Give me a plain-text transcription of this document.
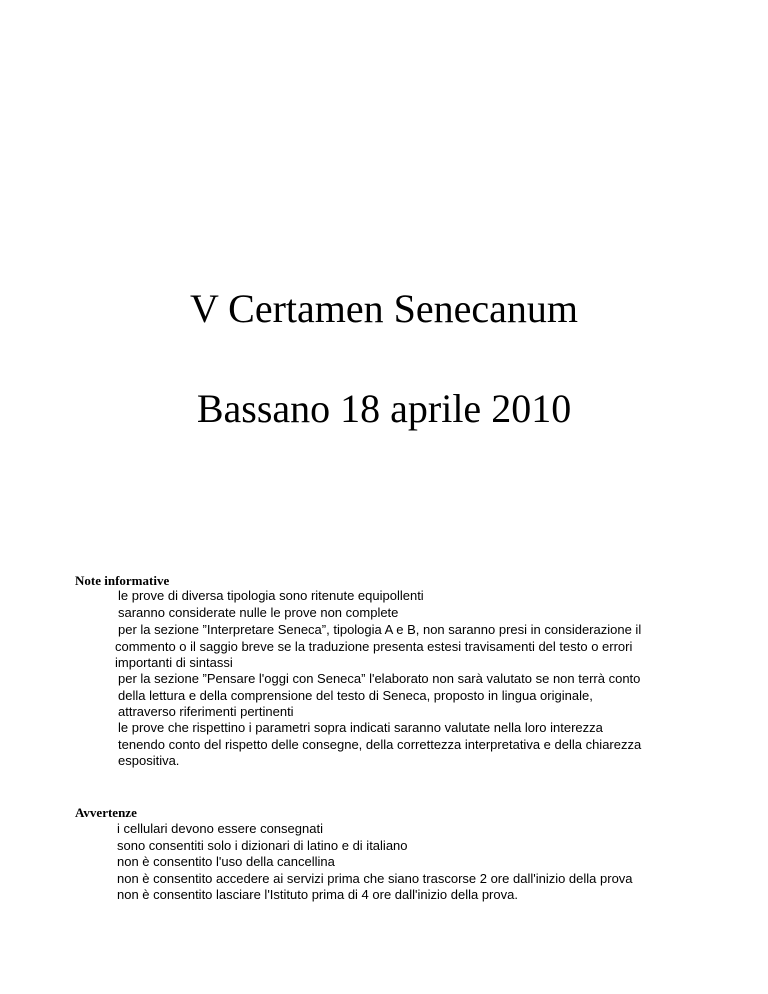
V Certamen Senecanum
Bassano 18 aprile 2010
Note informative
le prove di diversa tipologia sono ritenute equipollenti
saranno considerate nulle le prove non complete
per la sezione ”Interpretare Seneca”, tipologia A e B, non saranno presi in considerazione il
commento o il saggio breve se la traduzione presenta estesi travisamenti del testo o errori
importanti di sintassi
per la sezione ”Pensare l'oggi con Seneca” l'elaborato non sarà valutato se non terrà conto
della lettura e della comprensione del testo di Seneca, proposto in lingua originale,
attraverso riferimenti pertinenti
le prove che rispettino i parametri sopra indicati saranno valutate nella loro interezza
tenendo conto del rispetto delle consegne, della correttezza interpretativa e della chiarezza
espositiva.
Avvertenze
i cellulari devono essere consegnati
sono consentiti solo i dizionari di latino e di italiano
non è consentito l'uso della cancellina
non è consentito accedere ai servizi prima che siano trascorse 2 ore dall'inizio della prova
non è consentito lasciare l'Istituto prima di 4 ore dall'inizio della prova.
